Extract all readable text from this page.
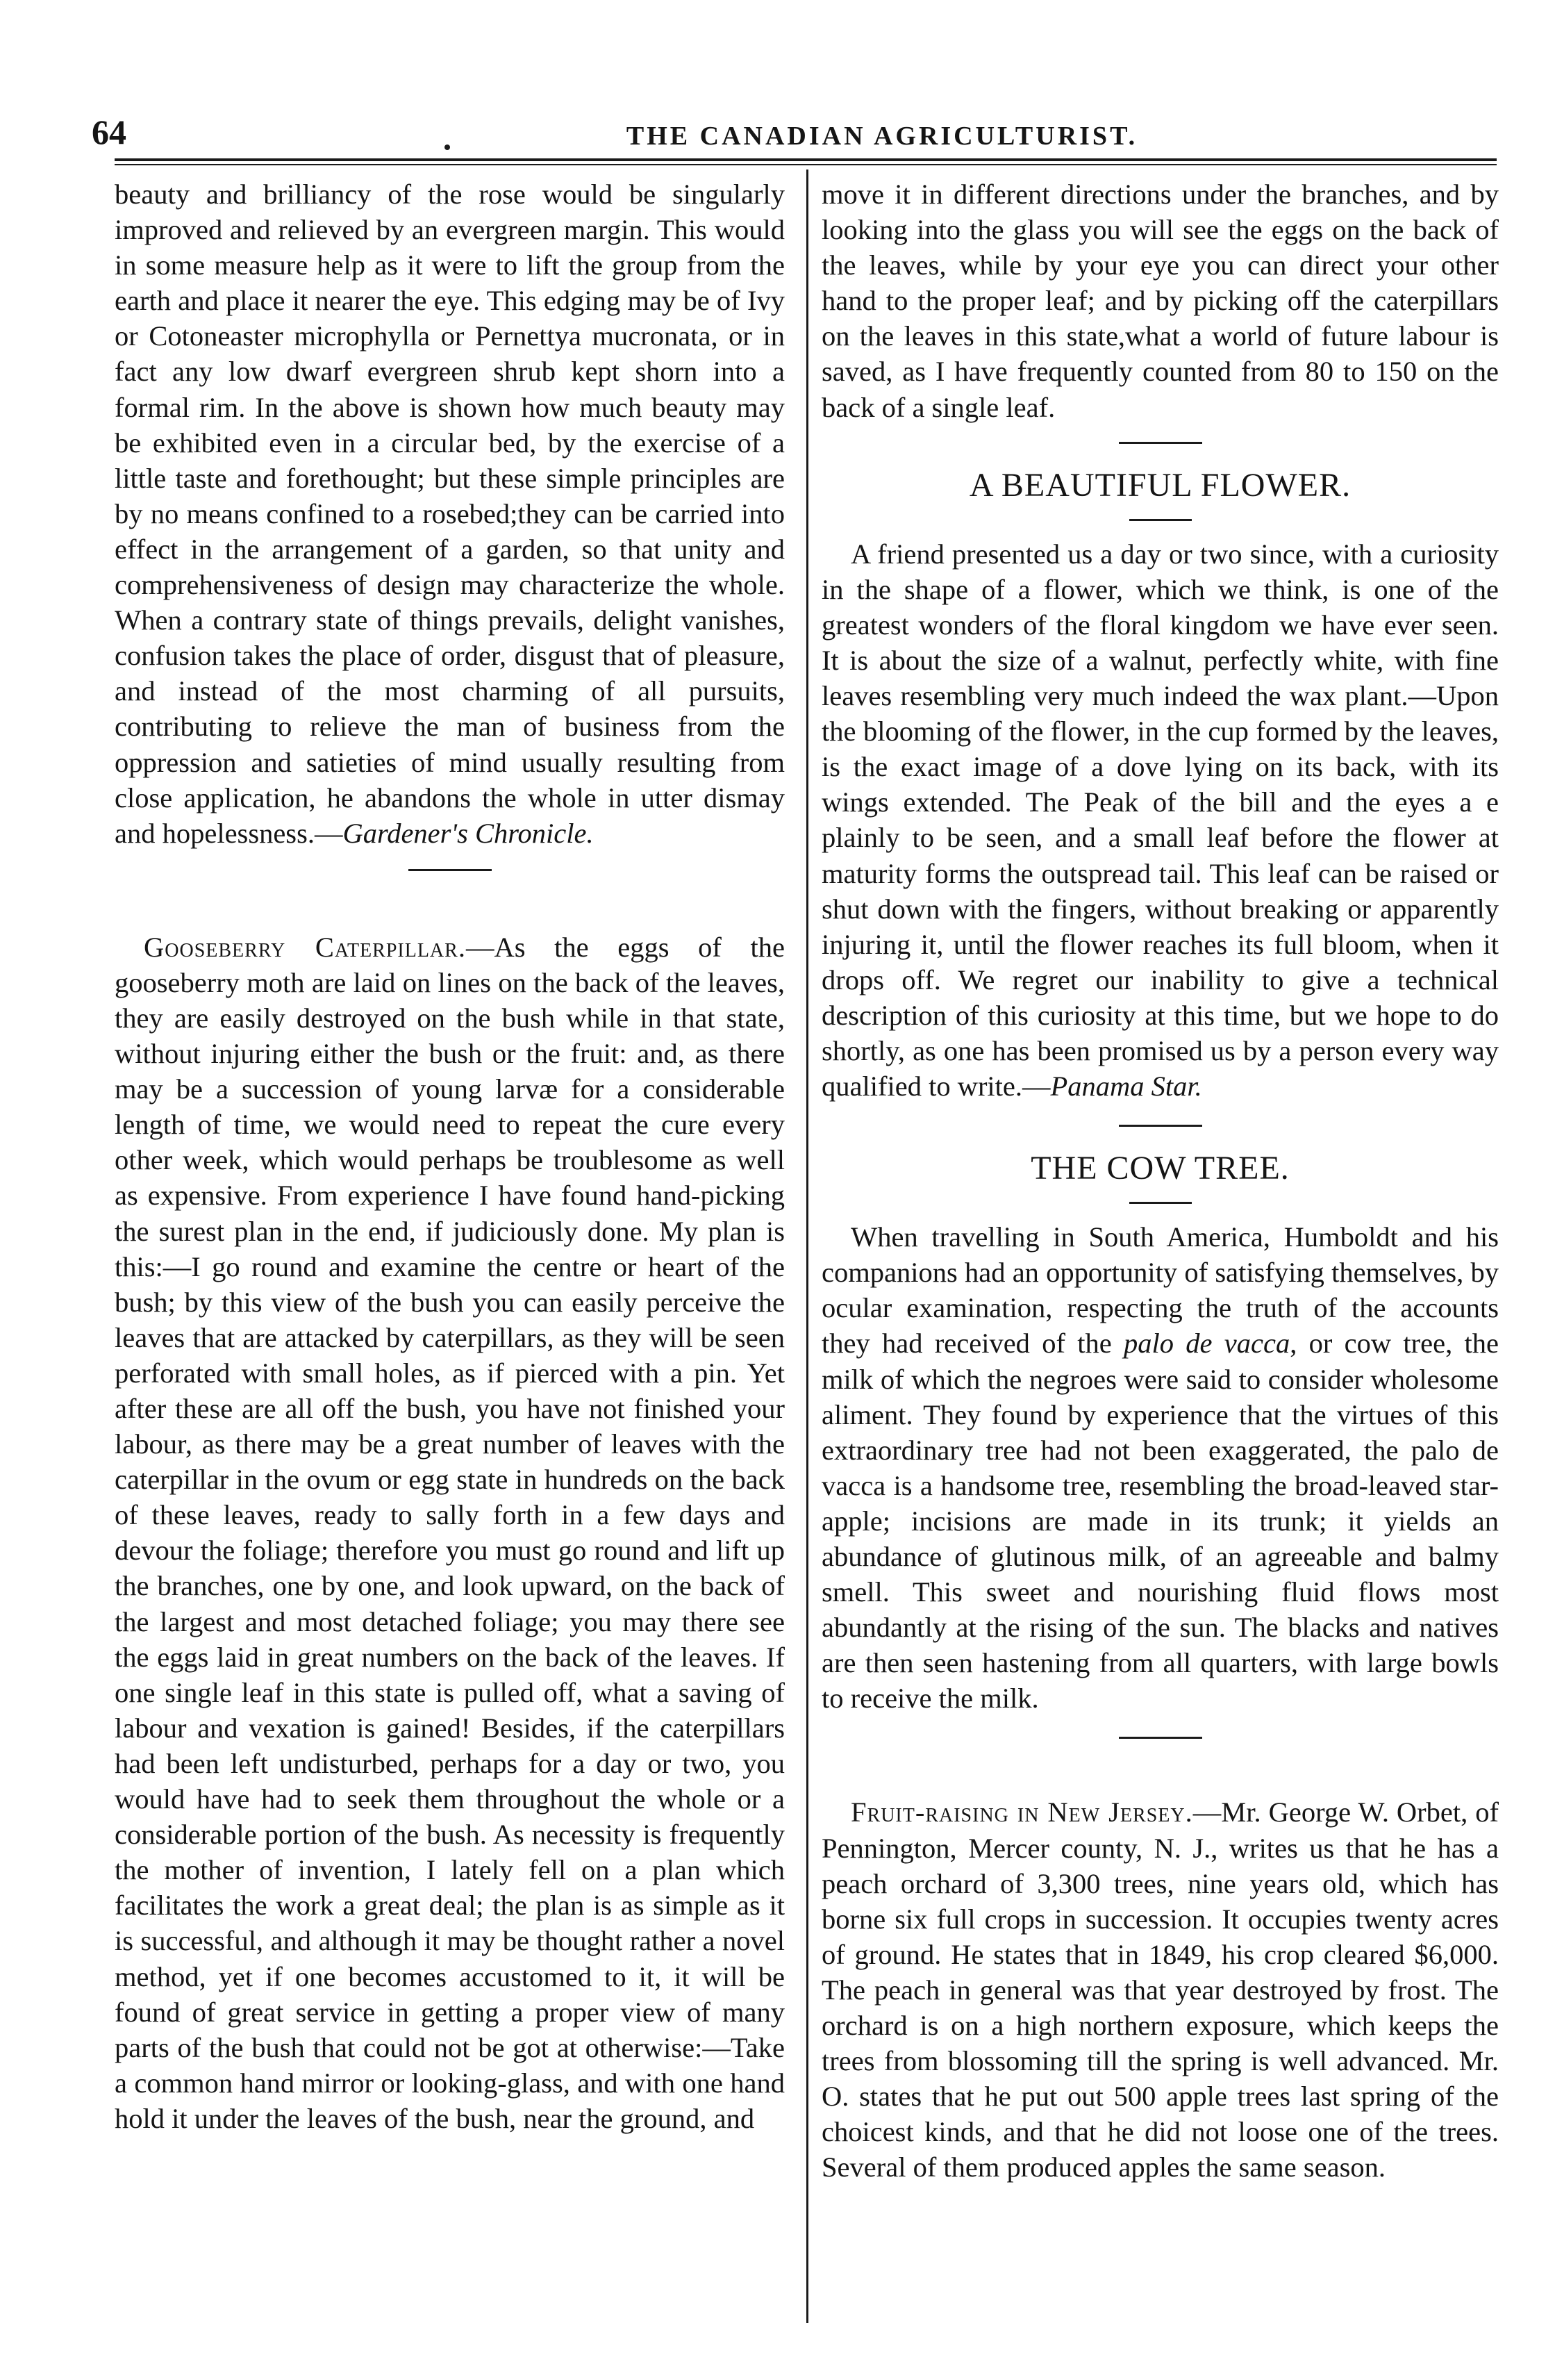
64	THE CANADIAN AGRICULTURIST.

beauty and brilliancy of the rose would be singularly improved and relieved by an evergreen margin. This would in some measure help as it were to lift the group from the earth and place it nearer the eye. This edging may be of Ivy or Cotoneaster microphylla or Pernettya mucronata, or in fact any low dwarf evergreen shrub kept shorn into a formal rim. In the above is shown how much beauty may be exhibited even in a circular bed, by the exercise of a little taste and forethought; but these simple principles are by no means confined to a rosebed;they can be carried into effect in the arrangement of a garden, so that unity and comprehensiveness of design may characterize the whole. When a contrary state of things prevails, delight vanishes, confusion takes the place of order, disgust that of pleasure, and instead of the most charming of all pursuits, contributing to relieve the man of business from the oppression and satieties of mind usually resulting from close application, he abandons the whole in utter dismay and hopelessness.—Gardener's Chronicle.

Gooseberry Caterpillar.—As the eggs of the gooseberry moth are laid on lines on the back of the leaves, they are easily destroyed on the bush while in that state, without injuring either the bush or the fruit: and, as there may be a succession of young larvæ for a considerable length of time, we would need to repeat the cure every other week, which would perhaps be troublesome as well as expensive. From experience I have found hand-picking the surest plan in the end, if judiciously done. My plan is this:—I go round and examine the centre or heart of the bush; by this view of the bush you can easily perceive the leaves that are attacked by caterpillars, as they will be seen perforated with small holes, as if pierced with a pin. Yet after these are all off the bush, you have not finished your labour, as there may be a great number of leaves with the caterpillar in the ovum or egg state in hundreds on the back of these leaves, ready to sally forth in a few days and devour the foliage; therefore you must go round and lift up the branches, one by one, and look upward, on the back of the largest and most detached foliage; you may there see the eggs laid in great numbers on the back of the leaves. If one single leaf in this state is pulled off, what a saving of labour and vexation is gained! Besides, if the caterpillars had been left undisturbed, perhaps for a day or two, you would have had to seek them throughout the whole or a considerable portion of the bush. As necessity is frequently the mother of invention, I lately fell on a plan which facilitates the work a great deal; the plan is as simple as it is successful, and although it may be thought rather a novel method, yet if one becomes accustomed to it, it will be found of great service in getting a proper view of many parts of the bush that could not be got at otherwise:—Take a common hand mirror or looking-glass, and with one hand hold it under the leaves of the bush, near the ground, and

move it in different directions under the branches, and by looking into the glass you will see the eggs on the back of the leaves, while by your eye you can direct your other hand to the proper leaf; and by picking off the caterpillars on the leaves in this state,what a world of future labour is saved, as I have frequently counted from 80 to 150 on the back of a single leaf.

A BEAUTIFUL FLOWER.

A friend presented us a day or two since, with a curiosity in the shape of a flower, which we think, is one of the greatest wonders of the floral kingdom we have ever seen. It is about the size of a walnut, perfectly white, with fine leaves resembling very much indeed the wax plant.—Upon the blooming of the flower, in the cup formed by the leaves, is the exact image of a dove lying on its back, with its wings extended. The Peak of the bill and the eyes a e plainly to be seen, and a small leaf before the flower at maturity forms the outspread tail. This leaf can be raised or shut down with the fingers, without breaking or apparently injuring it, until the flower reaches its full bloom, when it drops off. We regret our inability to give a technical description of this curiosity at this time, but we hope to do shortly, as one has been promised us by a person every way qualified to write.—Panama Star.

THE COW TREE.

When travelling in South America, Humboldt and his companions had an opportunity of satisfying themselves, by ocular examination, respecting the truth of the accounts they had received of the palo de vacca, or cow tree, the milk of which the negroes were said to consider wholesome aliment. They found by experience that the virtues of this extraordinary tree had not been exaggerated, the palo de vacca is a handsome tree, resembling the broad-leaved star-apple; incisions are made in its trunk; it yields an abundance of glutinous milk, of an agreeable and balmy smell. This sweet and nourishing fluid flows most abundantly at the rising of the sun. The blacks and natives are then seen hastening from all quarters, with large bowls to receive the milk.

Fruit-raising in New Jersey.—Mr. George W. Orbet, of Pennington, Mercer county, N. J., writes us that he has a peach orchard of 3,300 trees, nine years old, which has borne six full crops in succession. It occupies twenty acres of ground. He states that in 1849, his crop cleared $6,000. The peach in general was that year destroyed by frost. The orchard is on a high northern exposure, which keeps the trees from blossoming till the spring is well advanced. Mr. O. states that he put out 500 apple trees last spring of the choicest kinds, and that he did not loose one of the trees. Several of them produced apples the same season.
